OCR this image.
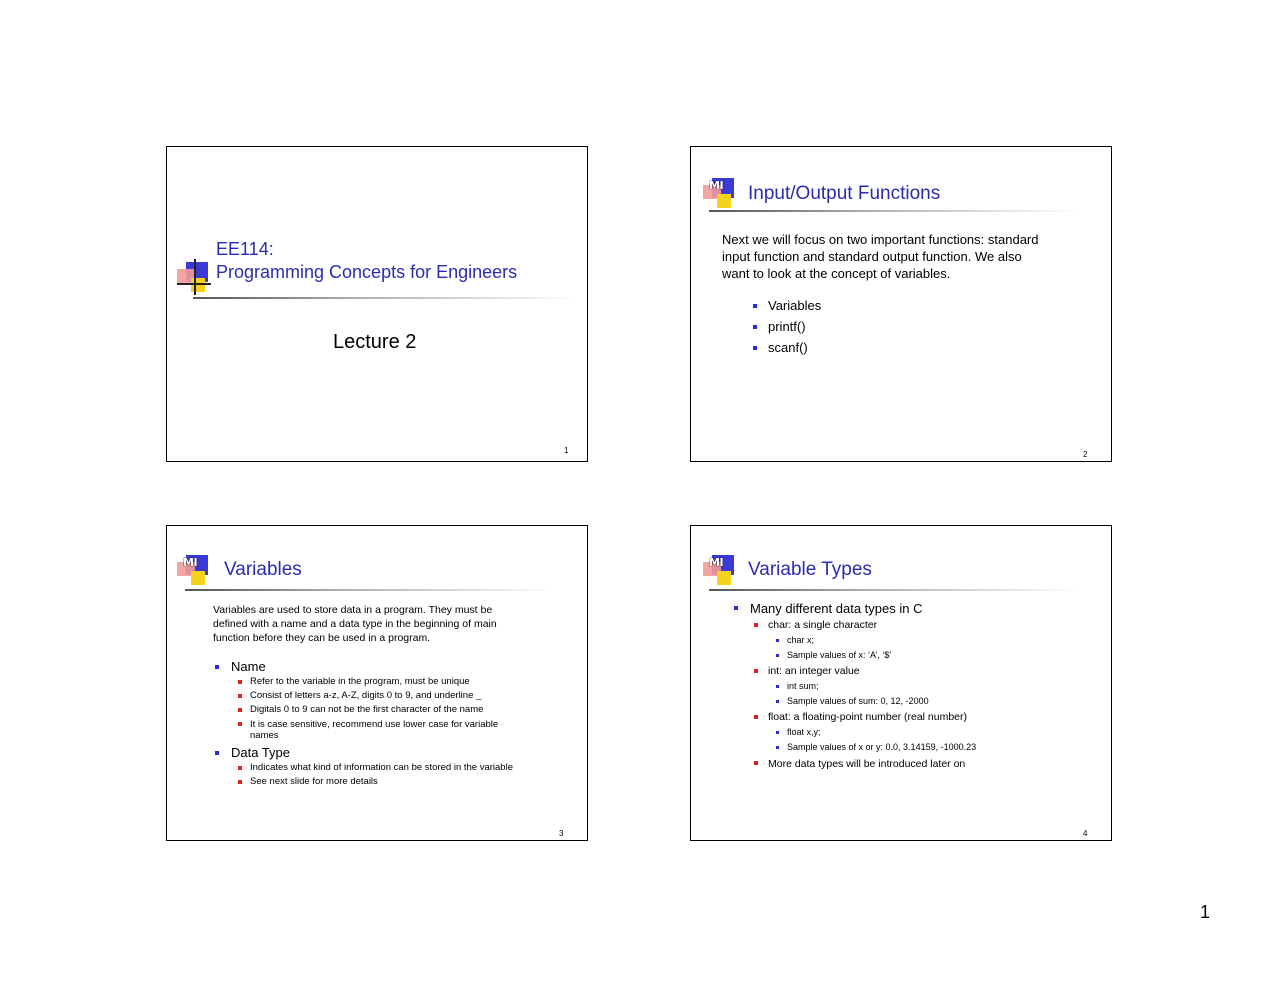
EE114:
Programming Concepts for Engineers
Lecture 2
1
MI	Input/Output Functions
Next we will focus on two important functions: standard
input function and standard output function. We also
want to look at the concept of variables.
Variables
printf()
scanf()
2
MI	Variables
Variables are used to store data in a program. They must be
defined with a name and a data type in the beginning of main
function before they can be used in a program.
Name
Refer to the variable in the program, must be unique
Consist of letters a-z, A-Z, digits 0 to 9, and underline _
Digitals 0 to 9 can not be the first character of the name
It is case sensitive, recommend use lower case for variable
names
Data Type
Indicates what kind of information can be stored in the variable
See next slide for more details
3
MI	Variable Types
Many different data types in C
char: a single character
char x;
Sample values of x: ‘A’, ‘$’
int: an integer value
int sum;
Sample values of sum: 0, 12, -2000
float: a floating-point number (real number)
float x,y;
Sample values of x or y: 0.0, 3.14159, -1000.23
More data types will be introduced later on
4
1
